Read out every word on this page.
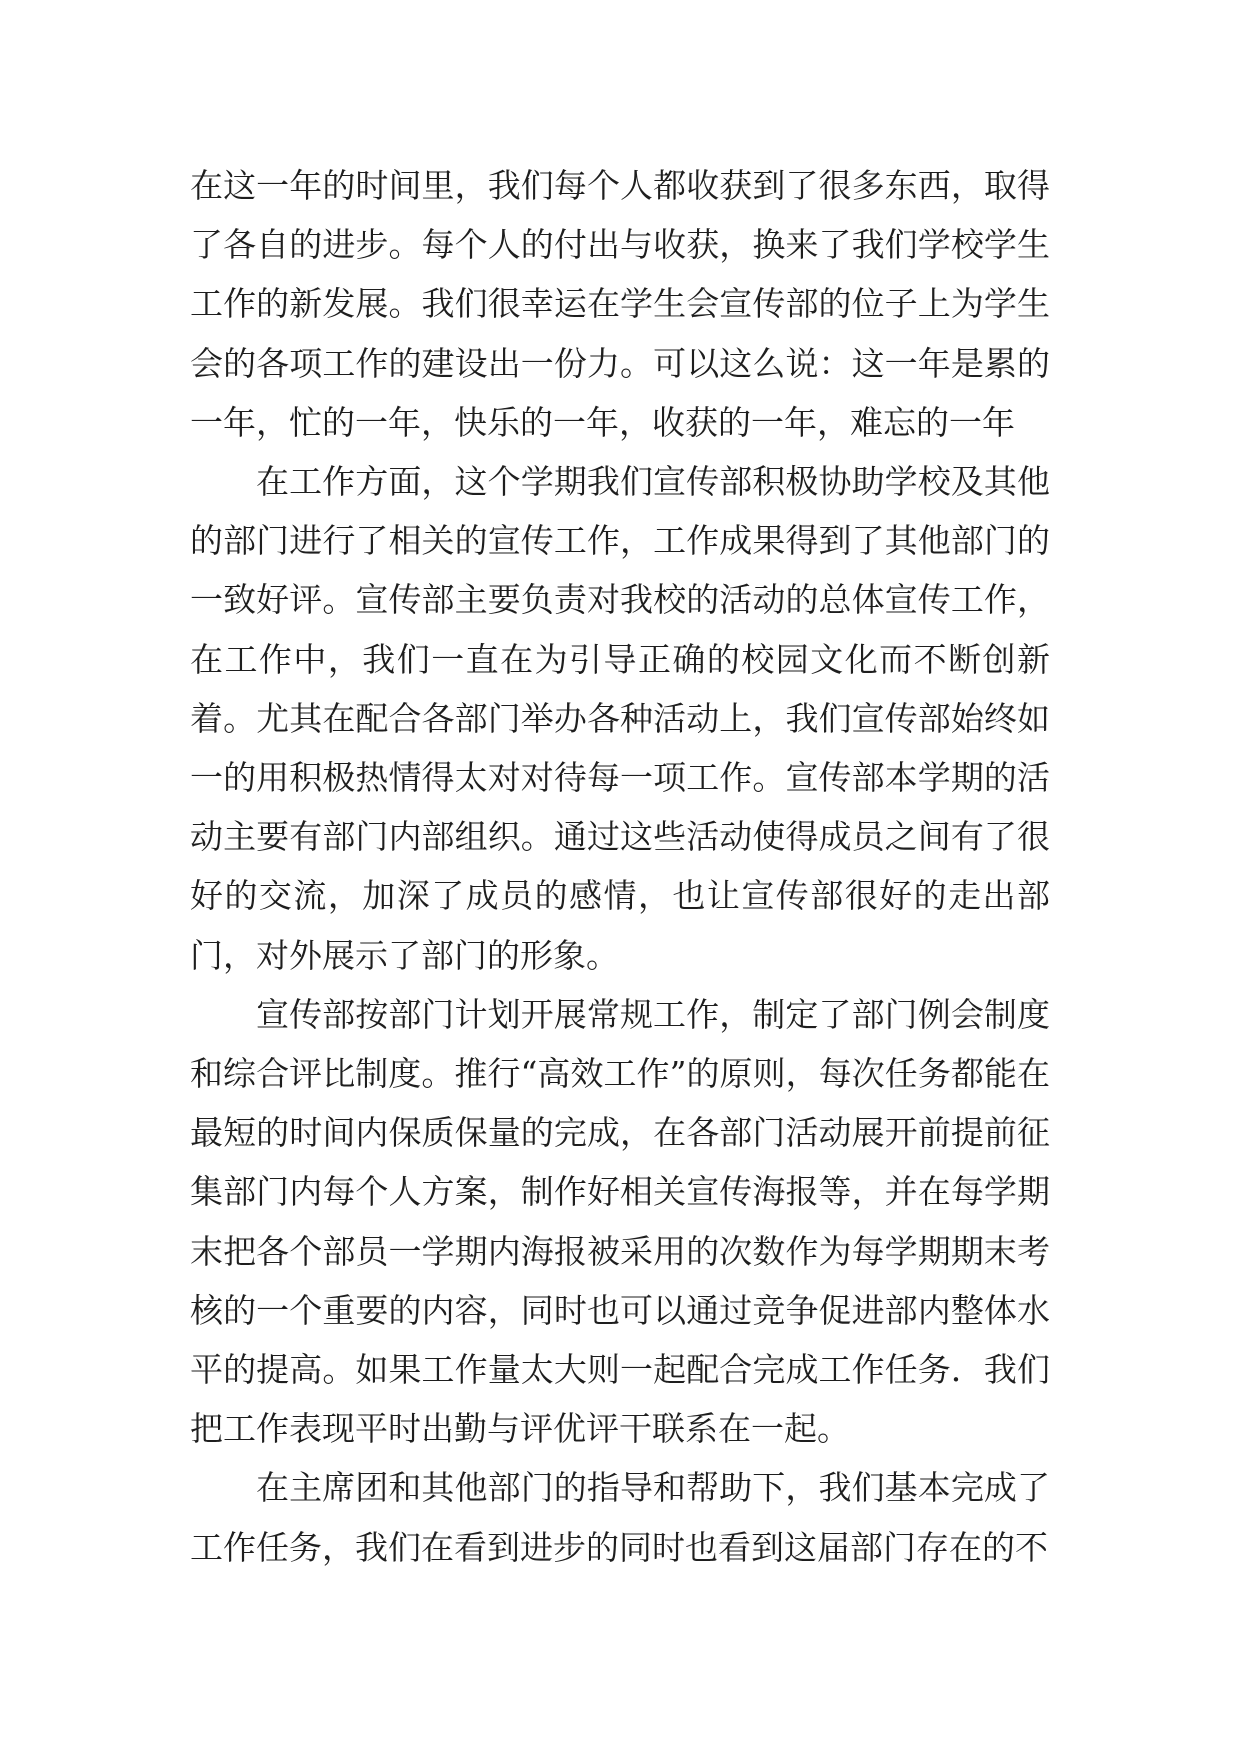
在这一年的时间里，我们每个人都收获到了很多东西，取得了各自的进步。每个人的付出与收获，换来了我们学校学生工作的新发展。我们很幸运在学生会宣传部的位子上为学生会的各项工作的建设出一份力。可以这么说：这一年是累的一年，忙的一年，快乐的一年，收获的一年，难忘的一年

在工作方面，这个学期我们宣传部积极协助学校及其他的部门进行了相关的宣传工作，工作成果得到了其他部门的一致好评。宣传部主要负责对我校的活动的总体宣传工作，在工作中，我们一直在为引导正确的校园文化而不断创新着。尤其在配合各部门举办各种活动上，我们宣传部始终如一的用积极热情得太对对待每一项工作。宣传部本学期的活动主要有部门内部组织。通过这些活动使得成员之间有了很好的交流，加深了成员的感情，也让宣传部很好的走出部门，对外展示了部门的形象。

宣传部按部门计划开展常规工作，制定了部门例会制度和综合评比制度。推行“高效工作”的原则，每次任务都能在最短的时间内保质保量的完成，在各部门活动展开前提前征集部门内每个人方案，制作好相关宣传海报等，并在每学期末把各个部员一学期内海报被采用的次数作为每学期期末考核的一个重要的内容，同时也可以通过竞争促进部内整体水平的提高。如果工作量太大则一起配合完成工作任务．我们把工作表现平时出勤与评优评干联系在一起。

在主席团和其他部门的指导和帮助下，我们基本完成了工作任务，我们在看到进步的同时也看到这届部门存在的不
